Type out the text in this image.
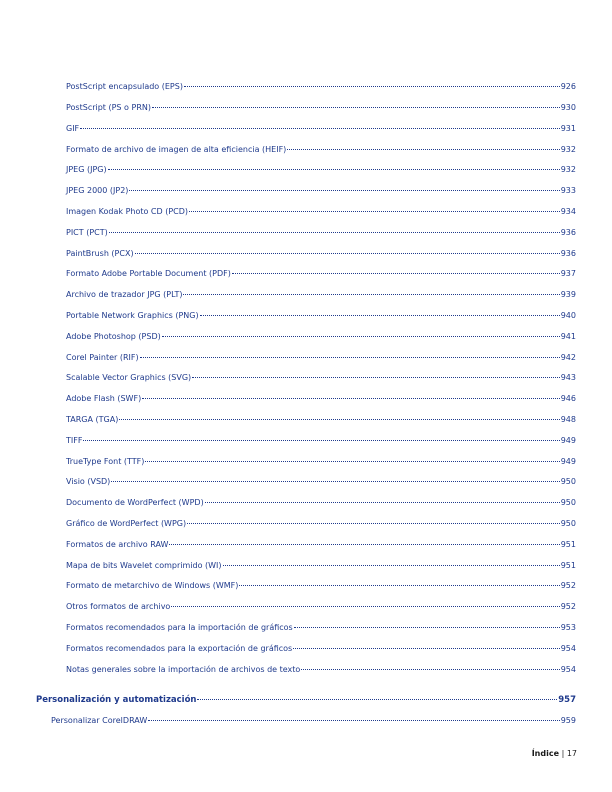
PostScript encapsulado (EPS)	926
PostScript (PS o PRN)	930
GIF	931
Formato de archivo de imagen de alta eficiencia (HEIF)	932
JPEG (JPG)	932
JPEG 2000 (JP2)	933
Imagen Kodak Photo CD (PCD)	934
PICT (PCT)	936
PaintBrush (PCX)	936
Formato Adobe Portable Document (PDF)	937
Archivo de trazador JPG (PLT)	939
Portable Network Graphics (PNG)	940
Adobe Photoshop (PSD)	941
Corel Painter (RIF)	942
Scalable Vector Graphics (SVG)	943
Adobe Flash (SWF)	946
TARGA (TGA)	948
TIFF	949
TrueType Font (TTF)	949
Visio (VSD)	950
Documento de WordPerfect (WPD)	950
Gráfico de WordPerfect (WPG)	950
Formatos de archivo RAW	951
Mapa de bits Wavelet comprimido (WI)	951
Formato de metarchivo de Windows (WMF)	952
Otros formatos de archivo	952
Formatos recomendados para la importación de gráficos	953
Formatos recomendados para la exportación de gráficos	954
Notas generales sobre la importación de archivos de texto	954
Personalización y automatización	957
Personalizar CorelDRAW	959
Índice | 17
